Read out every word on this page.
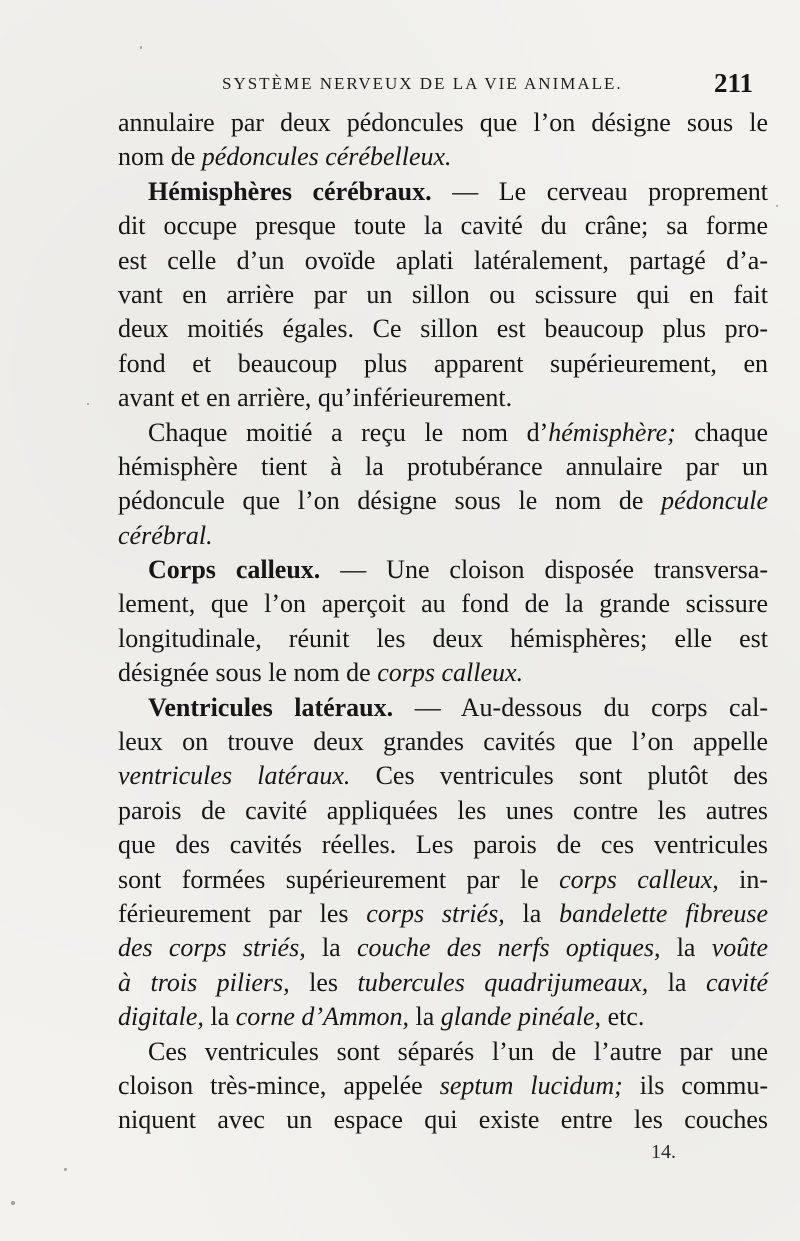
SYSTÈME NERVEUX DE LA VIE ANIMALE.	211
annulaire par deux pédoncules que l’on désigne sous le
nom de pédoncules cérébelleux.
Hémisphères cérébraux. — Le cerveau proprement
dit occupe presque toute la cavité du crâne; sa forme
est celle d’un ovoïde aplati latéralement, partagé d’a-
vant en arrière par un sillon ou scissure qui en fait
deux moitiés égales. Ce sillon est beaucoup plus pro-
fond et beaucoup plus apparent supérieurement, en
avant et en arrière, qu’inférieurement.
Chaque moitié a reçu le nom d’hémisphère; chaque
hémisphère tient à la protubérance annulaire par un
pédoncule que l’on désigne sous le nom de pédoncule
cérébral.
Corps calleux. — Une cloison disposée transversa-
lement, que l’on aperçoit au fond de la grande scissure
longitudinale, réunit les deux hémisphères; elle est
désignée sous le nom de corps calleux.
Ventricules latéraux. — Au-dessous du corps cal-
leux on trouve deux grandes cavités que l’on appelle
ventricules latéraux. Ces ventricules sont plutôt des
parois de cavité appliquées les unes contre les autres
que des cavités réelles. Les parois de ces ventricules
sont formées supérieurement par le corps calleux, in-
férieurement par les corps striés, la bandelette fibreuse
des corps striés, la couche des nerfs optiques, la voûte
à trois piliers, les tubercules quadrijumeaux, la cavité
digitale, la corne d’Ammon, la glande pinéale, etc.
Ces ventricules sont séparés l’un de l’autre par une
cloison très-mince, appelée septum lucidum; ils commu-
niquent avec un espace qui existe entre les couches
14.
